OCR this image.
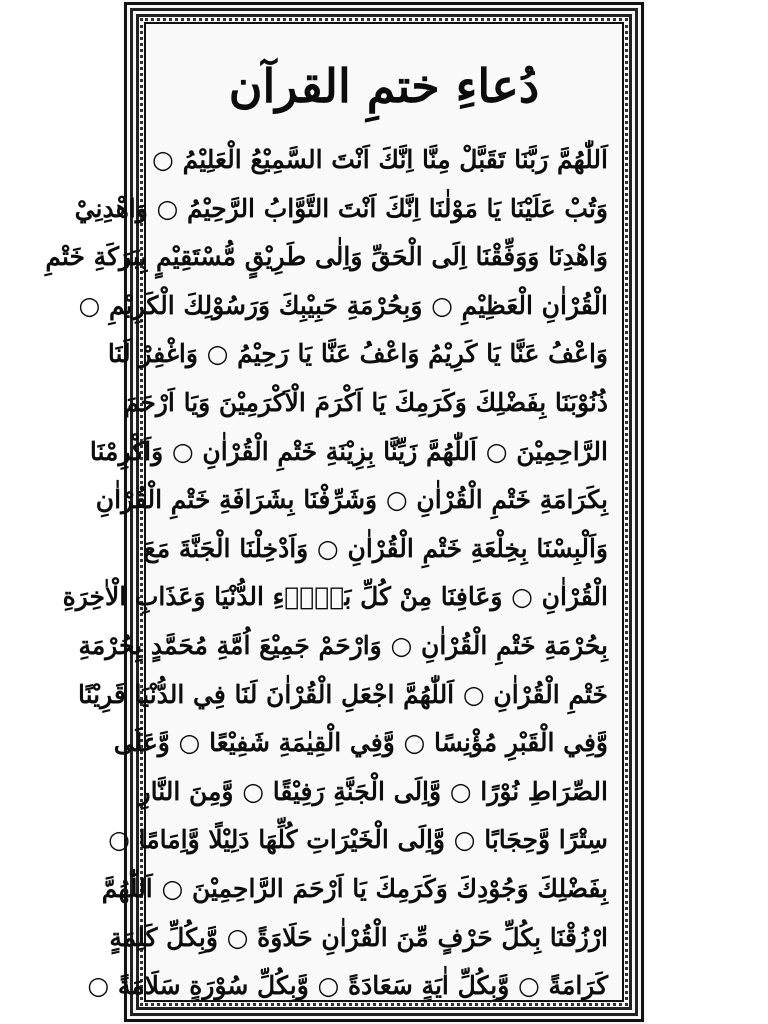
دُعاءِ ختمِ القرآن
اَللّٰهُمَّ رَبَّنَا تَقَبَّلْ مِنَّا اِنَّكَ اَنْتَ السَّمِيْعُ الْعَلِيْمُ ○
وَتُبْ عَلَيْنَا يَا مَوْلٰنَا اِنَّكَ اَنْتَ التَّوَّابُ الرَّحِيْمُ ○ وَاهْدِنِيْ
وَاهْدِنَا وَوَفِّقْنَا اِلَى الْحَقِّ وَاِلٰى طَرِيْقٍ مُّسْتَقِيْمٍ بِبَرَكَةِ خَتْمِ
الْقُرْاٰنِ الْعَظِيْمِ ○ وَبِحُرْمَةِ حَبِيْبِكَ وَرَسُوْلِكَ الْكَرِيْمِ ○
وَاعْفُ عَنَّا يَا كَرِيْمُ وَاعْفُ عَنَّا يَا رَحِيْمُ ○ وَاغْفِرْ لَنَا
ذُنُوْبَنَا بِفَضْلِكَ وَكَرَمِكَ يَا اَكْرَمَ الْاَكْرَمِيْنَ وَيَا اَرْحَمَ
الرَّاحِمِيْنَ ○ اَللّٰهُمَّ زَيِّنَّا بِزِيْنَةِ خَتْمِ الْقُرْاٰنِ ○ وَاَكْرِمْنَا
بِكَرَامَةِ خَتْمِ الْقُرْاٰنِ ○ وَشَرِّفْنَا بِشَرَافَةِ خَتْمِ الْقُرْاٰنِ
وَاَلْبِسْنَا بِخِلْعَةِ خَتْمِ الْقُرْاٰنِ ○ وَاَدْخِلْنَا الْجَنَّةَ مَعَ
الْقُرْاٰنِ ○ وَعَافِنَا مِنْ كُلِّ بَلَاۤءِ الدُّنْيَا وَعَذَابِ الْاٰخِرَةِ
بِحُرْمَةِ خَتْمِ الْقُرْاٰنِ ○ وَارْحَمْ جَمِيْعَ اُمَّةِ مُحَمَّدٍ بِحُرْمَةِ
خَتْمِ الْقُرْاٰنِ ○ اَللّٰهُمَّ اجْعَلِ الْقُرْاٰنَ لَنَا فِي الدُّنْيَا قَرِيْنًا
وَّفِي الْقَبْرِ مُؤْنِسًا ○ وَّفِي الْقِيٰمَةِ شَفِيْعًا ○ وَّعَلَى
الصِّرَاطِ نُوْرًا ○ وَّاِلَى الْجَنَّةِ رَفِيْقًا ○ وَّمِنَ النَّارِ
سِتْرًا وَّحِجَابًا ○ وَّاِلَى الْخَيْرَاتِ كُلِّهَا دَلِيْلًا وَّاِمَامًا ○
بِفَضْلِكَ وَجُوْدِكَ وَكَرَمِكَ يَا اَرْحَمَ الرَّاحِمِيْنَ ○ اَللّٰهُمَّ
ارْزُقْنَا بِكُلِّ حَرْفٍ مِّنَ الْقُرْاٰنِ حَلَاوَةً ○ وَّبِكُلِّ كَلِمَةٍ
كَرَامَةً ○ وَّبِكُلِّ اٰيَةٍ سَعَادَةً ○ وَّبِكُلِّ سُوْرَةٍ سَلَامَةً ○
